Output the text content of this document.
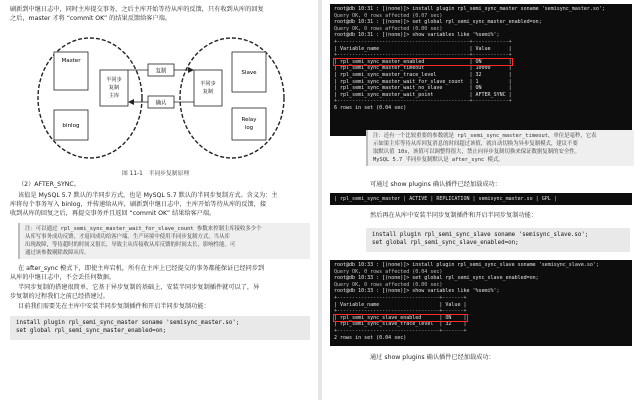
刷新到中继日志中，同时主库提交事务，之后主库开始等待从库的反馈，只有收到从库的回复
之后，master 才将 “commit OK” 的结果反馈给客户端。
Master
binlog
半同步
复制
主库
复制
确认
半同步
复制
Slave
Relay
log
图 11-1　半同步复制原理
（2）AFTER_SYNC。
该值是 MySQL 5.7 默认的半同步方式，也是 MySQL 5.7 默认的半同步复制方式。含义为：主
库将每个事务写入 binlog，并传递给从库，刷新到中继日志中，主库开始等待从库的反馈，接
收到从库的回复之后，再提交事务并且返回 “commit OK” 结果给客户端。
注：可以通过 rpl_semi_sync_master_wait_for_slave_count 参数来控制主库接收多少个
从库写事务成功反馈，才返回成功给客户端。生产环境中使用半同步复制方式，当从库
出现故障，等待超时的时间又很长，导致主从库接收从库反馈的时间太长，影响性能。可
通过该参数剔除故障从库。
在 after_sync 模式下，即使主库宕机，所有在主库上已经提交的事务都能保证已经同步到
从库的中继日志中，不会丢任何数据。
半同步复制的搭建很简单，它基于异步复制的基础上，安装半同步复制插件就可以了，异
步复制的过程我们之前已经搭建过。
目前我们需要先在主库中安装半同步复制插件和开启半同步复制功能：
install plugin rpl_semi_sync_master soname 'semisync_master.so';
set global rpl_semi_sync_master_enabled=on;
root@db 10:31 : [(none)]> install plugin rpl_semi_sync_master soname 'semisync_master.so';
Query OK, 0 rows affected (0.07 sec)
root@db 10:31 : [(none)]> set global rpl_semi_sync_master_enabled=on;
Query OK, 0 rows affected (0.00 sec)
root@db 10:31 : [(none)]> show variables like '%semi%';
+--------------------------------------------+------------+
| Variable_name                              | Value      |
+--------------------------------------------+------------+
| rpl_semi_sync_master_enabled               | ON         |
| rpl_semi_sync_master_timeout               | 10000      |
| rpl_semi_sync_master_trace_level           | 32         |
| rpl_semi_sync_master_wait_for_slave_count  | 1          |
| rpl_semi_sync_master_wait_no_slave         | ON         |
| rpl_semi_sync_master_wait_point            | AFTER_SYNC |
+--------------------------------------------+------------+
6 rows in set (0.04 sec)
注：还有一个比较重要的参数就是 rpl_semi_sync_master_timeout，单位是毫秒，它表
示如果主库等待从库回复消息的时间超过该值，就自动切换为异步复制模式，建议不要
取默认值 10s，该值可以调整得很大，禁止向异步复制切换来保证数据复制的安全性。
MySQL 5.7 半同步复制默认是 after_sync 模式。
可通过 show plugins 确认插件已经加载成功：
| rpl_semi_sync_master | ACTIVE | REPLICATION | semisync_master.so | GPL |
然后再在从库中安装半同步复制插件和开启半同步复制功能：
install plugin rpl_semi_sync_slave soname 'semisync_slave.so';
set global rpl_semi_sync_slave_enabled=on;
root@db 10:33 : [(none)]> install plugin rpl_semi_sync_slave soname 'semisync_slave.so';
Query OK, 0 rows affected (0.04 sec)
root@db 10:33 : [(none)]> set global rpl_semi_sync_slave_enabled=on;
Query OK, 0 rows affected (0.00 sec)
root@db 10:33 : [(none)]> show variables like '%semi%';
+----------------------------------+-------+
| Variable_name                    | Value |
+----------------------------------+-------+
| rpl_semi_sync_slave_enabled      | ON    |
| rpl_semi_sync_slave_trace_level  | 32    |
+----------------------------------+-------+
2 rows in set (0.04 sec)
通过 show plugins 确认插件已经加载成功：
